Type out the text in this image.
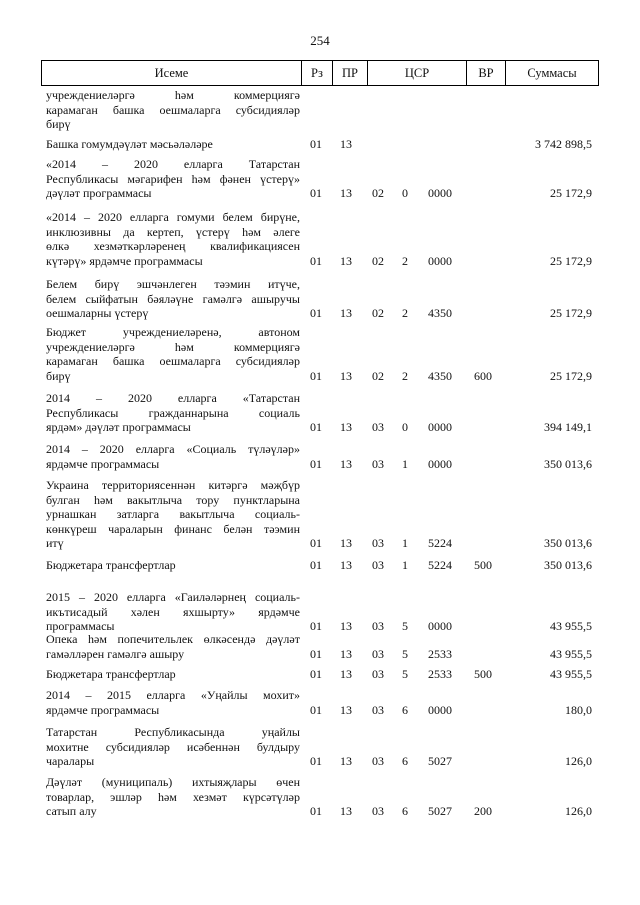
254
Исеме	Рз	ПР	ЦСР	ВР	Суммасы
учреждениеләргә һәм коммерциягә
карамаган башка оешмаларга субсидияләр
бирү
Башка гомумдәүләт мәсьәләләре	01 13	3 742 898,5
«2014 – 2020 елларга Татарстан
Республикасы мәгарифен һәм фәнен үстерү»
дәүләт программасы	01 13 02 0 0000	25 172,9
«2014 – 2020 елларга гомуми белем бирүне,
инклюзивны да кертеп, үстерү һәм әлеге
өлкә хезмәткәрләренең квалификациясен
күтәрү» ярдәмче программасы	01 13 02 2 0000	25 172,9
Белем бирү эшчәнлеген тәэмин итүче,
белем сыйфатын бәяләүне гамәлгә ашыручы
оешмаларны үстерү	01 13 02 2 4350	25 172,9
Бюджет учреждениеләренә, автоном
учреждениеләргә һәм коммерциягә
карамаган башка оешмаларга субсидияләр
бирү	01 13 02 2 4350 600	25 172,9
2014 – 2020 елларга «Татарстан
Республикасы гражданнарына социаль
ярдәм» дәүләт программасы	01 13 03 0 0000	394 149,1
2014 – 2020 елларга «Социаль түләүләр»
ярдәмче программасы	01 13 03 1 0000	350 013,6
Украина территориясеннән китәргә мәҗбүр
булган һәм вакытлыча тору пунктларына
урнашкан затларга вакытлыча социаль-
көнкүреш чараларын финанс белән тәэмин
итү	01 13 03 1 5224	350 013,6
Бюджетара трансфертлар	01 13 03 1 5224 500	350 013,6
2015 – 2020 елларга «Гаиләләрнең социаль-
икътисадый хәлен яхшырту» ярдәмче
программасы	01 13 03 5 0000	43 955,5
Опека һәм попечительлек өлкәсендә дәүләт
гамәлләрен гамәлгә ашыру	01 13 03 5 2533	43 955,5
Бюджетара трансфертлар	01 13 03 5 2533 500	43 955,5
2014 – 2015 елларга «Уңайлы мохит»
ярдәмче программасы	01 13 03 6 0000	180,0
Татарстан Республикасында уңайлы
мохитне субсидияләр исәбеннән булдыру
чаралары	01 13 03 6 5027	126,0
Дәүләт (муниципаль) ихтыяҗлары өчен
товарлар, эшләр һәм хезмәт күрсәтүләр
сатып алу	01 13 03 6 5027 200	126,0
